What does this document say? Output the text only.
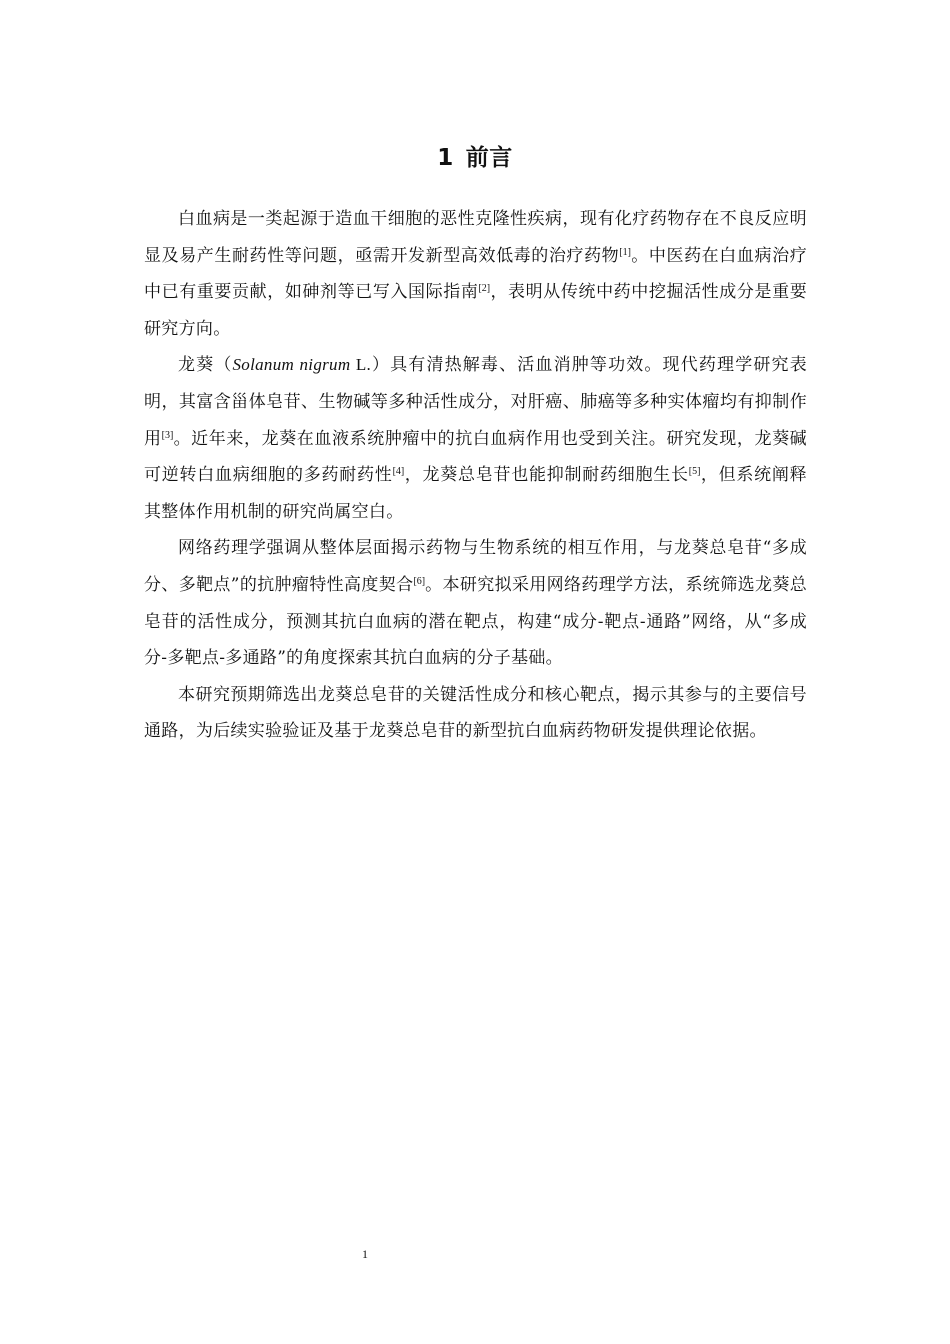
1 前言

白血病是一类起源于造血干细胞的恶性克隆性疾病，现有化疗药物存在不良反应明显及易产生耐药性等问题，亟需开发新型高效低毒的治疗药物[1]。中医药在白血病治疗中已有重要贡献，如砷剂等已写入国际指南[2]，表明从传统中药中挖掘活性成分是重要研究方向。

龙葵（Solanum nigrum L.）具有清热解毒、活血消肿等功效。现代药理学研究表明，其富含甾体皂苷、生物碱等多种活性成分，对肝癌、肺癌等多种实体瘤均有抑制作用[3]。近年来，龙葵在血液系统肿瘤中的抗白血病作用也受到关注。研究发现，龙葵碱可逆转白血病细胞的多药耐药性[4]，龙葵总皂苷也能抑制耐药细胞生长[5]，但系统阐释其整体作用机制的研究尚属空白。

网络药理学强调从整体层面揭示药物与生物系统的相互作用，与龙葵总皂苷“多成分、多靶点”的抗肿瘤特性高度契合[6]。本研究拟采用网络药理学方法，系统筛选龙葵总皂苷的活性成分，预测其抗白血病的潜在靶点，构建“成分-靶点-通路”网络，从“多成分-多靶点-多通路”的角度探索其抗白血病的分子基础。

本研究预期筛选出龙葵总皂苷的关键活性成分和核心靶点，揭示其参与的主要信号通路，为后续实验验证及基于龙葵总皂苷的新型抗白血病药物研发提供理论依据。

1
